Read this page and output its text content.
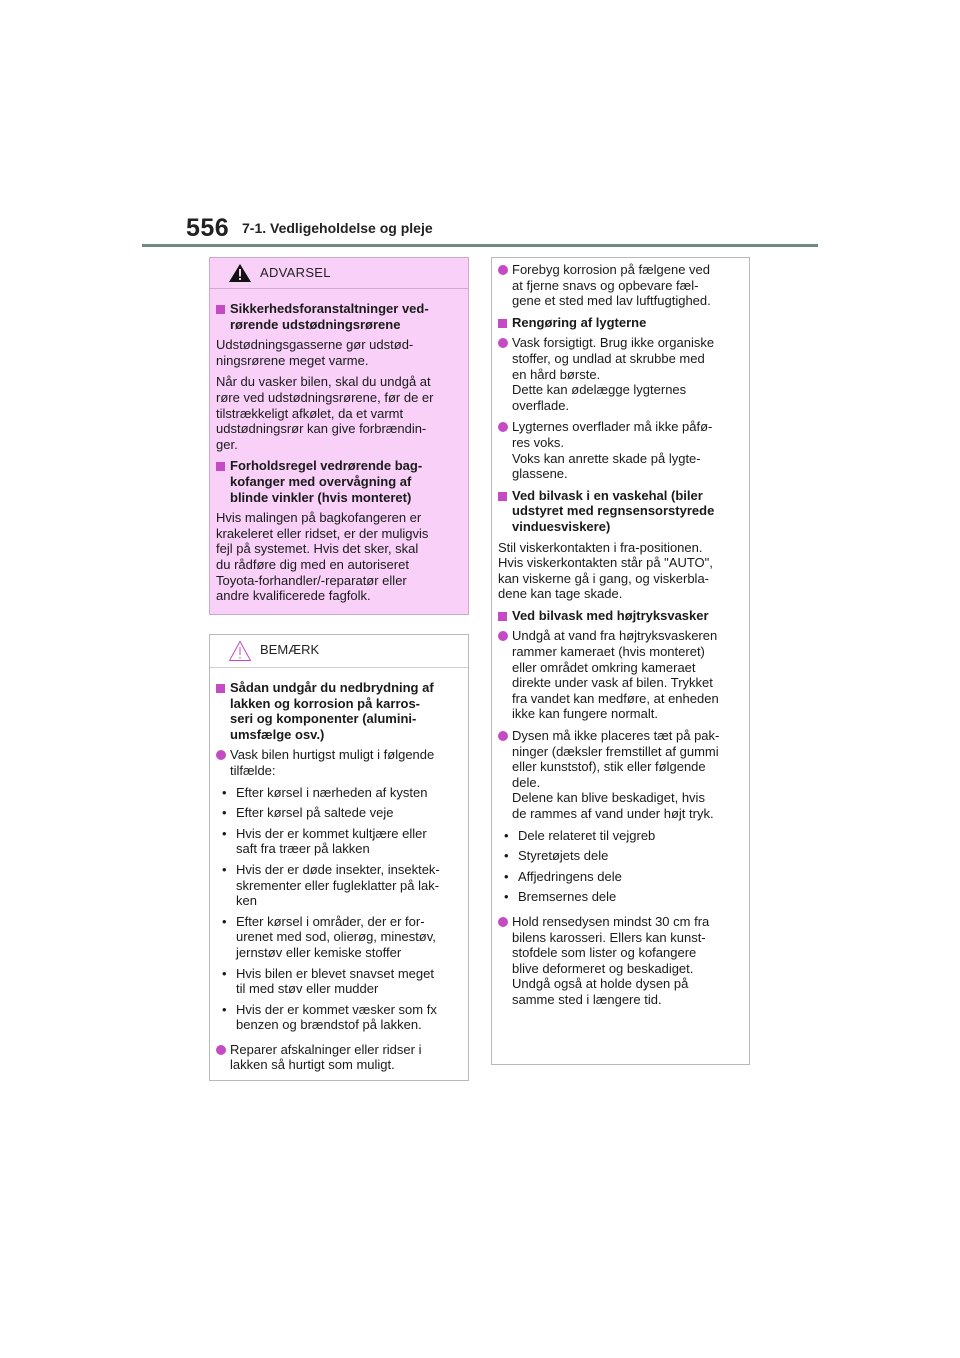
556 7-1. Vedligeholdelse og pleje
ADVARSEL
Sikkerhedsforanstaltninger ved-
rørende udstødningsrørene
Udstødningsgasserne gør udstød-
ningsrørene meget varme.
Når du vasker bilen, skal du undgå at
røre ved udstødningsrørene, før de er
tilstrækkeligt afkølet, da et varmt
udstødningsrør kan give forbrændin-
ger.
Forholdsregel vedrørende bag-
kofanger med overvågning af
blinde vinkler (hvis monteret)
Hvis malingen på bagkofangeren er
krakeleret eller ridset, er der muligvis
fejl på systemet. Hvis det sker, skal
du rådføre dig med en autoriseret
Toyota-forhandler/-reparatør eller
andre kvalificerede fagfolk.
BEMÆRK
Sådan undgår du nedbrydning af
lakken og korrosion på karros-
seri og komponenter (alumini-
umsfælge osv.)
Vask bilen hurtigst muligt i følgende
tilfælde:
• Efter kørsel i nærheden af kysten
• Efter kørsel på saltede veje
• Hvis der er kommet kultjære eller
saft fra træer på lakken
• Hvis der er døde insekter, insektek-
skrementer eller fugleklatter på lak-
ken
• Efter kørsel i områder, der er for-
urenet med sod, olierøg, minestøv,
jernstøv eller kemiske stoffer
• Hvis bilen er blevet snavset meget
til med støv eller mudder
• Hvis der er kommet væsker som fx
benzen og brændstof på lakken.
Reparer afskalninger eller ridser i
lakken så hurtigt som muligt.
Forebyg korrosion på fælgene ved
at fjerne snavs og opbevare fæl-
gene et sted med lav luftfugtighed.
Rengøring af lygterne
Vask forsigtigt. Brug ikke organiske
stoffer, og undlad at skrubbe med
en hård børste.
Dette kan ødelægge lygternes
overflade.
Lygternes overflader må ikke påfø-
res voks.
Voks kan anrette skade på lygte-
glassene.
Ved bilvask i en vaskehal (biler
udstyret med regnsensorstyrede
vinduesviskere)
Stil viskerkontakten i fra-positionen.
Hvis viskerkontakten står på "AUTO",
kan viskerne gå i gang, og viskerbla-
dene kan tage skade.
Ved bilvask med højtryksvasker
Undgå at vand fra højtryksvaskeren
rammer kameraet (hvis monteret)
eller området omkring kameraet
direkte under vask af bilen. Trykket
fra vandet kan medføre, at enheden
ikke kan fungere normalt.
Dysen må ikke placeres tæt på pak-
ninger (dæksler fremstillet af gummi
eller kunststof), stik eller følgende
dele.
Delene kan blive beskadiget, hvis
de rammes af vand under højt tryk.
• Dele relateret til vejgreb
• Styretøjets dele
• Affjedringens dele
• Bremsernes dele
Hold rensedysen mindst 30 cm fra
bilens karosseri. Ellers kan kunst-
stofdele som lister og kofangere
blive deformeret og beskadiget.
Undgå også at holde dysen på
samme sted i længere tid.
